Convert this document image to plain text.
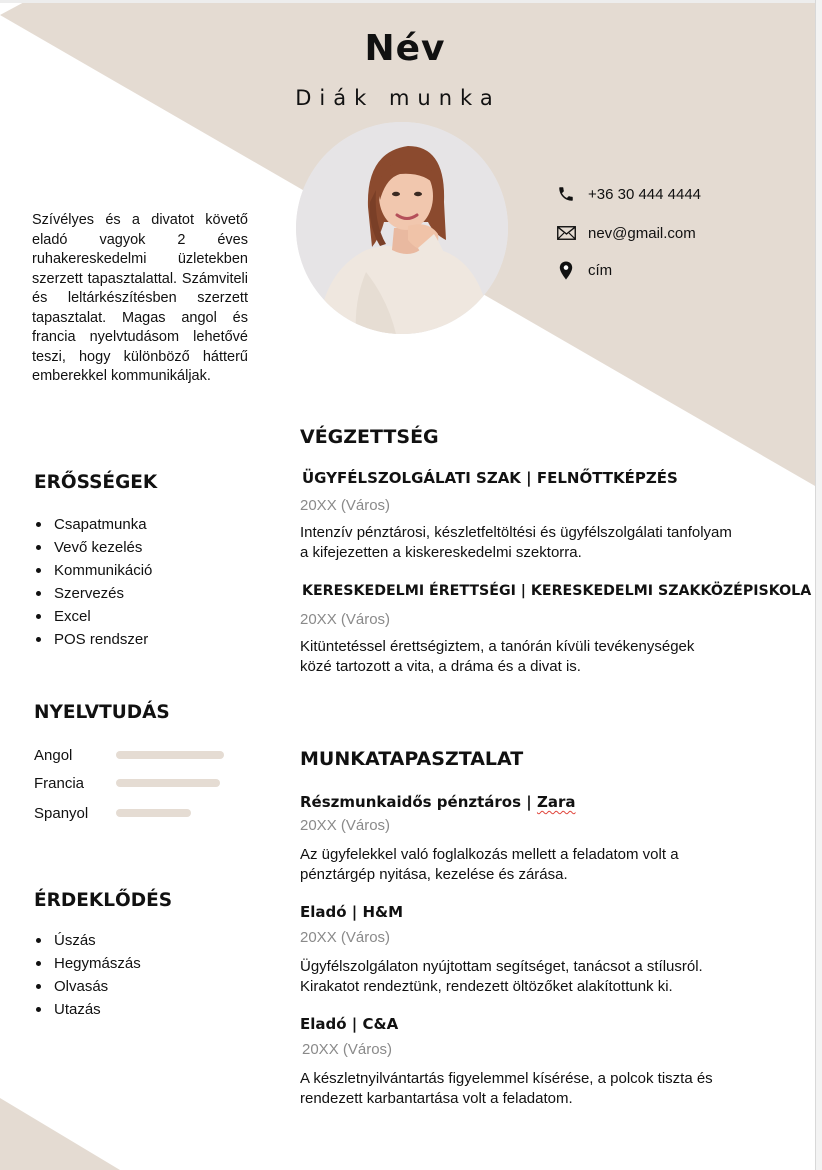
Név
Diák munka
+36 30 444 4444
nev@gmail.com
cím
Szívélyes és a divatot követő eladó vagyok 2 éves ruhakereskedelmi üzletekben szerzett tapasztalattal. Számviteli és leltárkészítésben szerzett tapasztalat. Magas angol és francia nyelvtudásom lehetővé teszi, hogy különböző hátterű emberekkel kommunikáljak.
ERŐSSÉGEK
Csapatmunka
Vevő kezelés
Kommunikáció
Szervezés
Excel
POS rendszer
NYELVTUDÁS
Angol
Francia
Spanyol
ÉRDEKLŐDÉS
Úszás
Hegymászás
Olvasás
Utazás
VÉGZETTSÉG
ÜGYFÉLSZOLGÁLATI SZAK | FELNŐTTKÉPZÉS
20XX (Város)
Intenzív pénztárosi, készletfeltöltési és ügyfélszolgálati tanfolyam
a kifejezetten a kiskereskedelmi szektorra.
KERESKEDELMI ÉRETTSÉGI | KERESKEDELMI SZAKKÖZÉPISKOLA
20XX (Város)
Kitüntetéssel érettségiztem, a tanórán kívüli tevékenységek
közé tartozott a vita, a dráma és a divat is.
MUNKATAPASZTALAT
Részmunkaidős pénztáros | Zara
20XX (Város)
Az ügyfelekkel való foglalkozás mellett a feladatom volt a
pénztárgép nyitása, kezelése és zárása.
Eladó | H&M
20XX (Város)
Ügyfélszolgálaton nyújtottam segítséget, tanácsot a stílusról.
Kirakatot rendeztünk, rendezett öltözőket alakítottunk ki.
Eladó | C&A
20XX (Város)
A készletnyilvántartás figyelemmel kísérése, a polcok tiszta és
rendezett karbantartása volt a feladatom.
